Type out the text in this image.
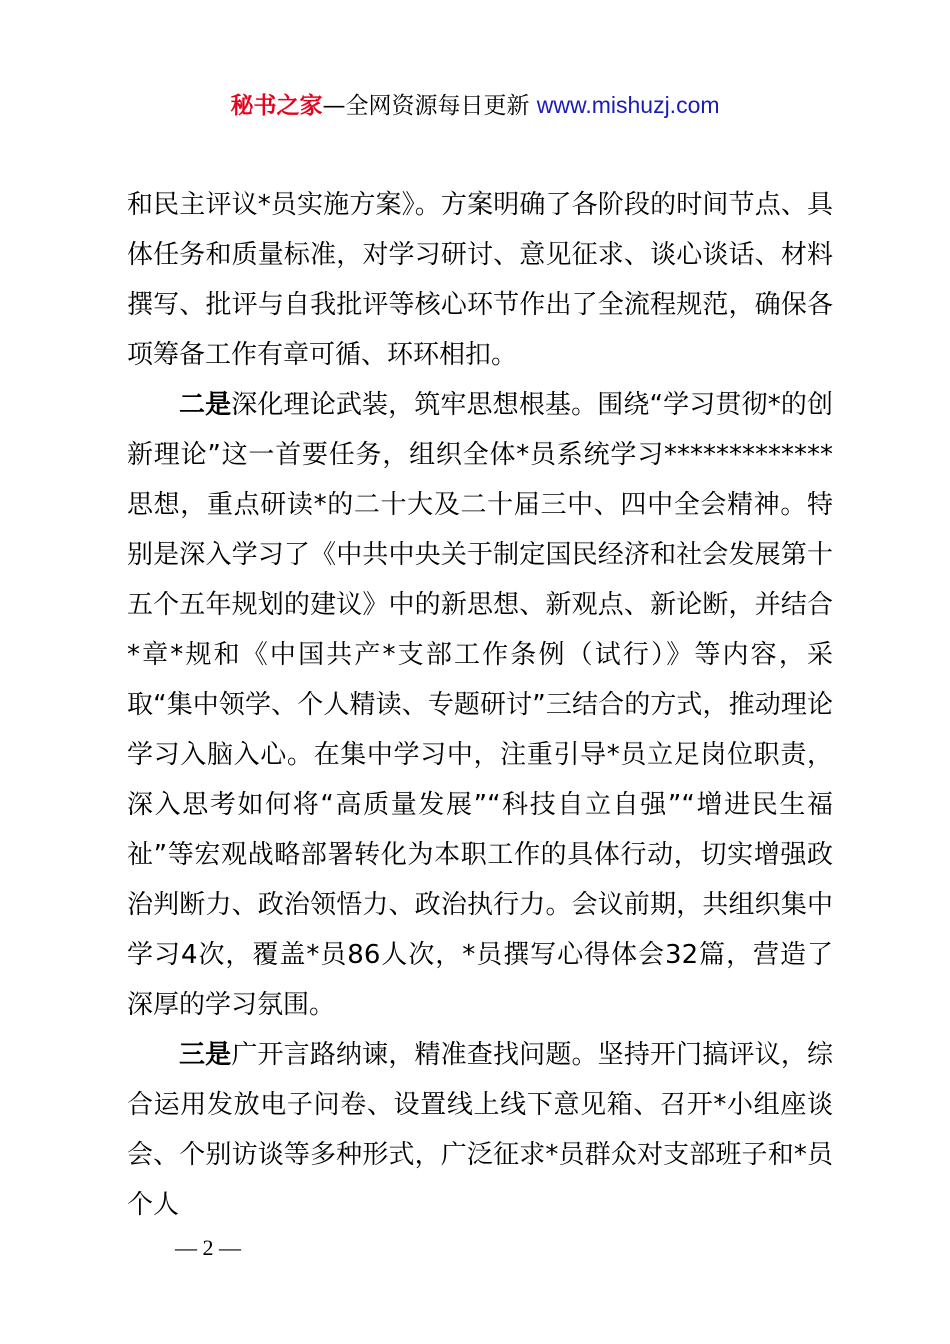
秘书之家—全网资源每日更新 www.mishuzj.com

和民主评议*员实施方案》。方案明确了各阶段的时间节点、具体任务和质量标准，对学习研讨、意见征求、谈心谈话、材料撰写、批评与自我批评等核心环节作出了全流程规范，确保各项筹备工作有章可循、环环相扣。

二是深化理论武装，筑牢思想根基。围绕“学习贯彻*的创新理论”这一首要任务，组织全体*员系统学习*************思想，重点研读*的二十大及二十届三中、四中全会精神。特别是深入学习了《中共中央关于制定国民经济和社会发展第十五个五年规划的建议》中的新思想、新观点、新论断，并结合*章*规和《中国共产*支部工作条例（试行）》等内容，采取“集中领学、个人精读、专题研讨”三结合的方式，推动理论学习入脑入心。在集中学习中，注重引导*员立足岗位职责，深入思考如何将“高质量发展”“科技自立自强”“增进民生福祉”等宏观战略部署转化为本职工作的具体行动，切实增强政治判断力、政治领悟力、政治执行力。会议前期，共组织集中学习4次，覆盖*员86人次，*员撰写心得体会32篇，营造了深厚的学习氛围。

三是广开言路纳谏，精准查找问题。坚持开门搞评议，综合运用发放电子问卷、设置线上线下意见箱、召开*小组座谈会、个别访谈等多种形式，广泛征求*员群众对支部班子和*员个人

— 2 —
